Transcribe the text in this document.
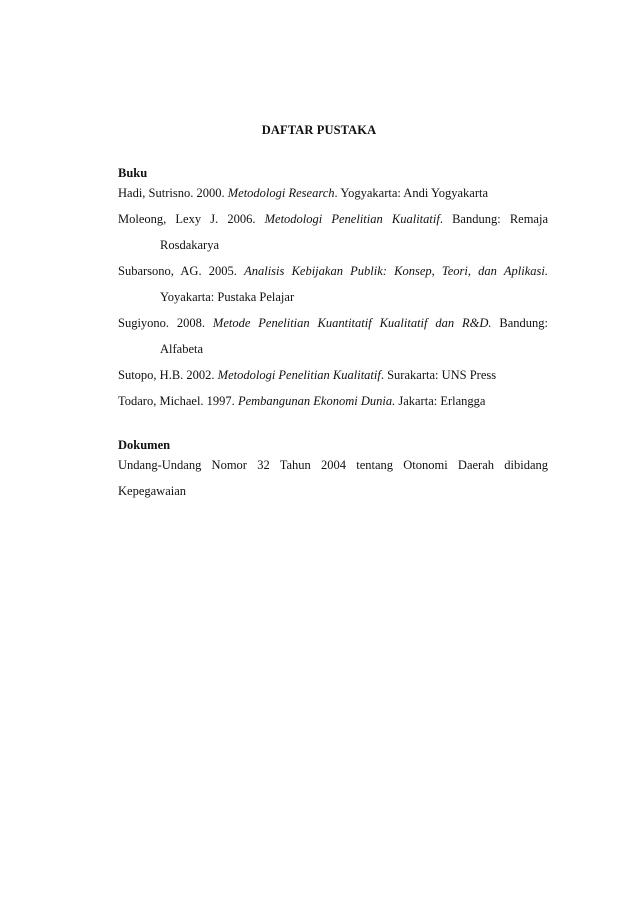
DAFTAR PUSTAKA
Buku
Hadi, Sutrisno. 2000. Metodologi Research. Yogyakarta: Andi Yogyakarta
Moleong, Lexy J. 2006. Metodologi Penelitian Kualitatif. Bandung: Remaja
Rosdakarya
Subarsono, AG. 2005. Analisis Kebijakan Publik: Konsep, Teori, dan Aplikasi.
Yoyakarta: Pustaka Pelajar
Sugiyono. 2008. Metode Penelitian Kuantitatif Kualitatif dan R&D. Bandung:
Alfabeta
Sutopo, H.B. 2002. Metodologi Penelitian Kualitatif. Surakarta: UNS Press
Todaro, Michael. 1997. Pembangunan Ekonomi Dunia. Jakarta: Erlangga
Dokumen
Undang-Undang Nomor 32 Tahun 2004 tentang Otonomi Daerah dibidang
Kepegawaian
